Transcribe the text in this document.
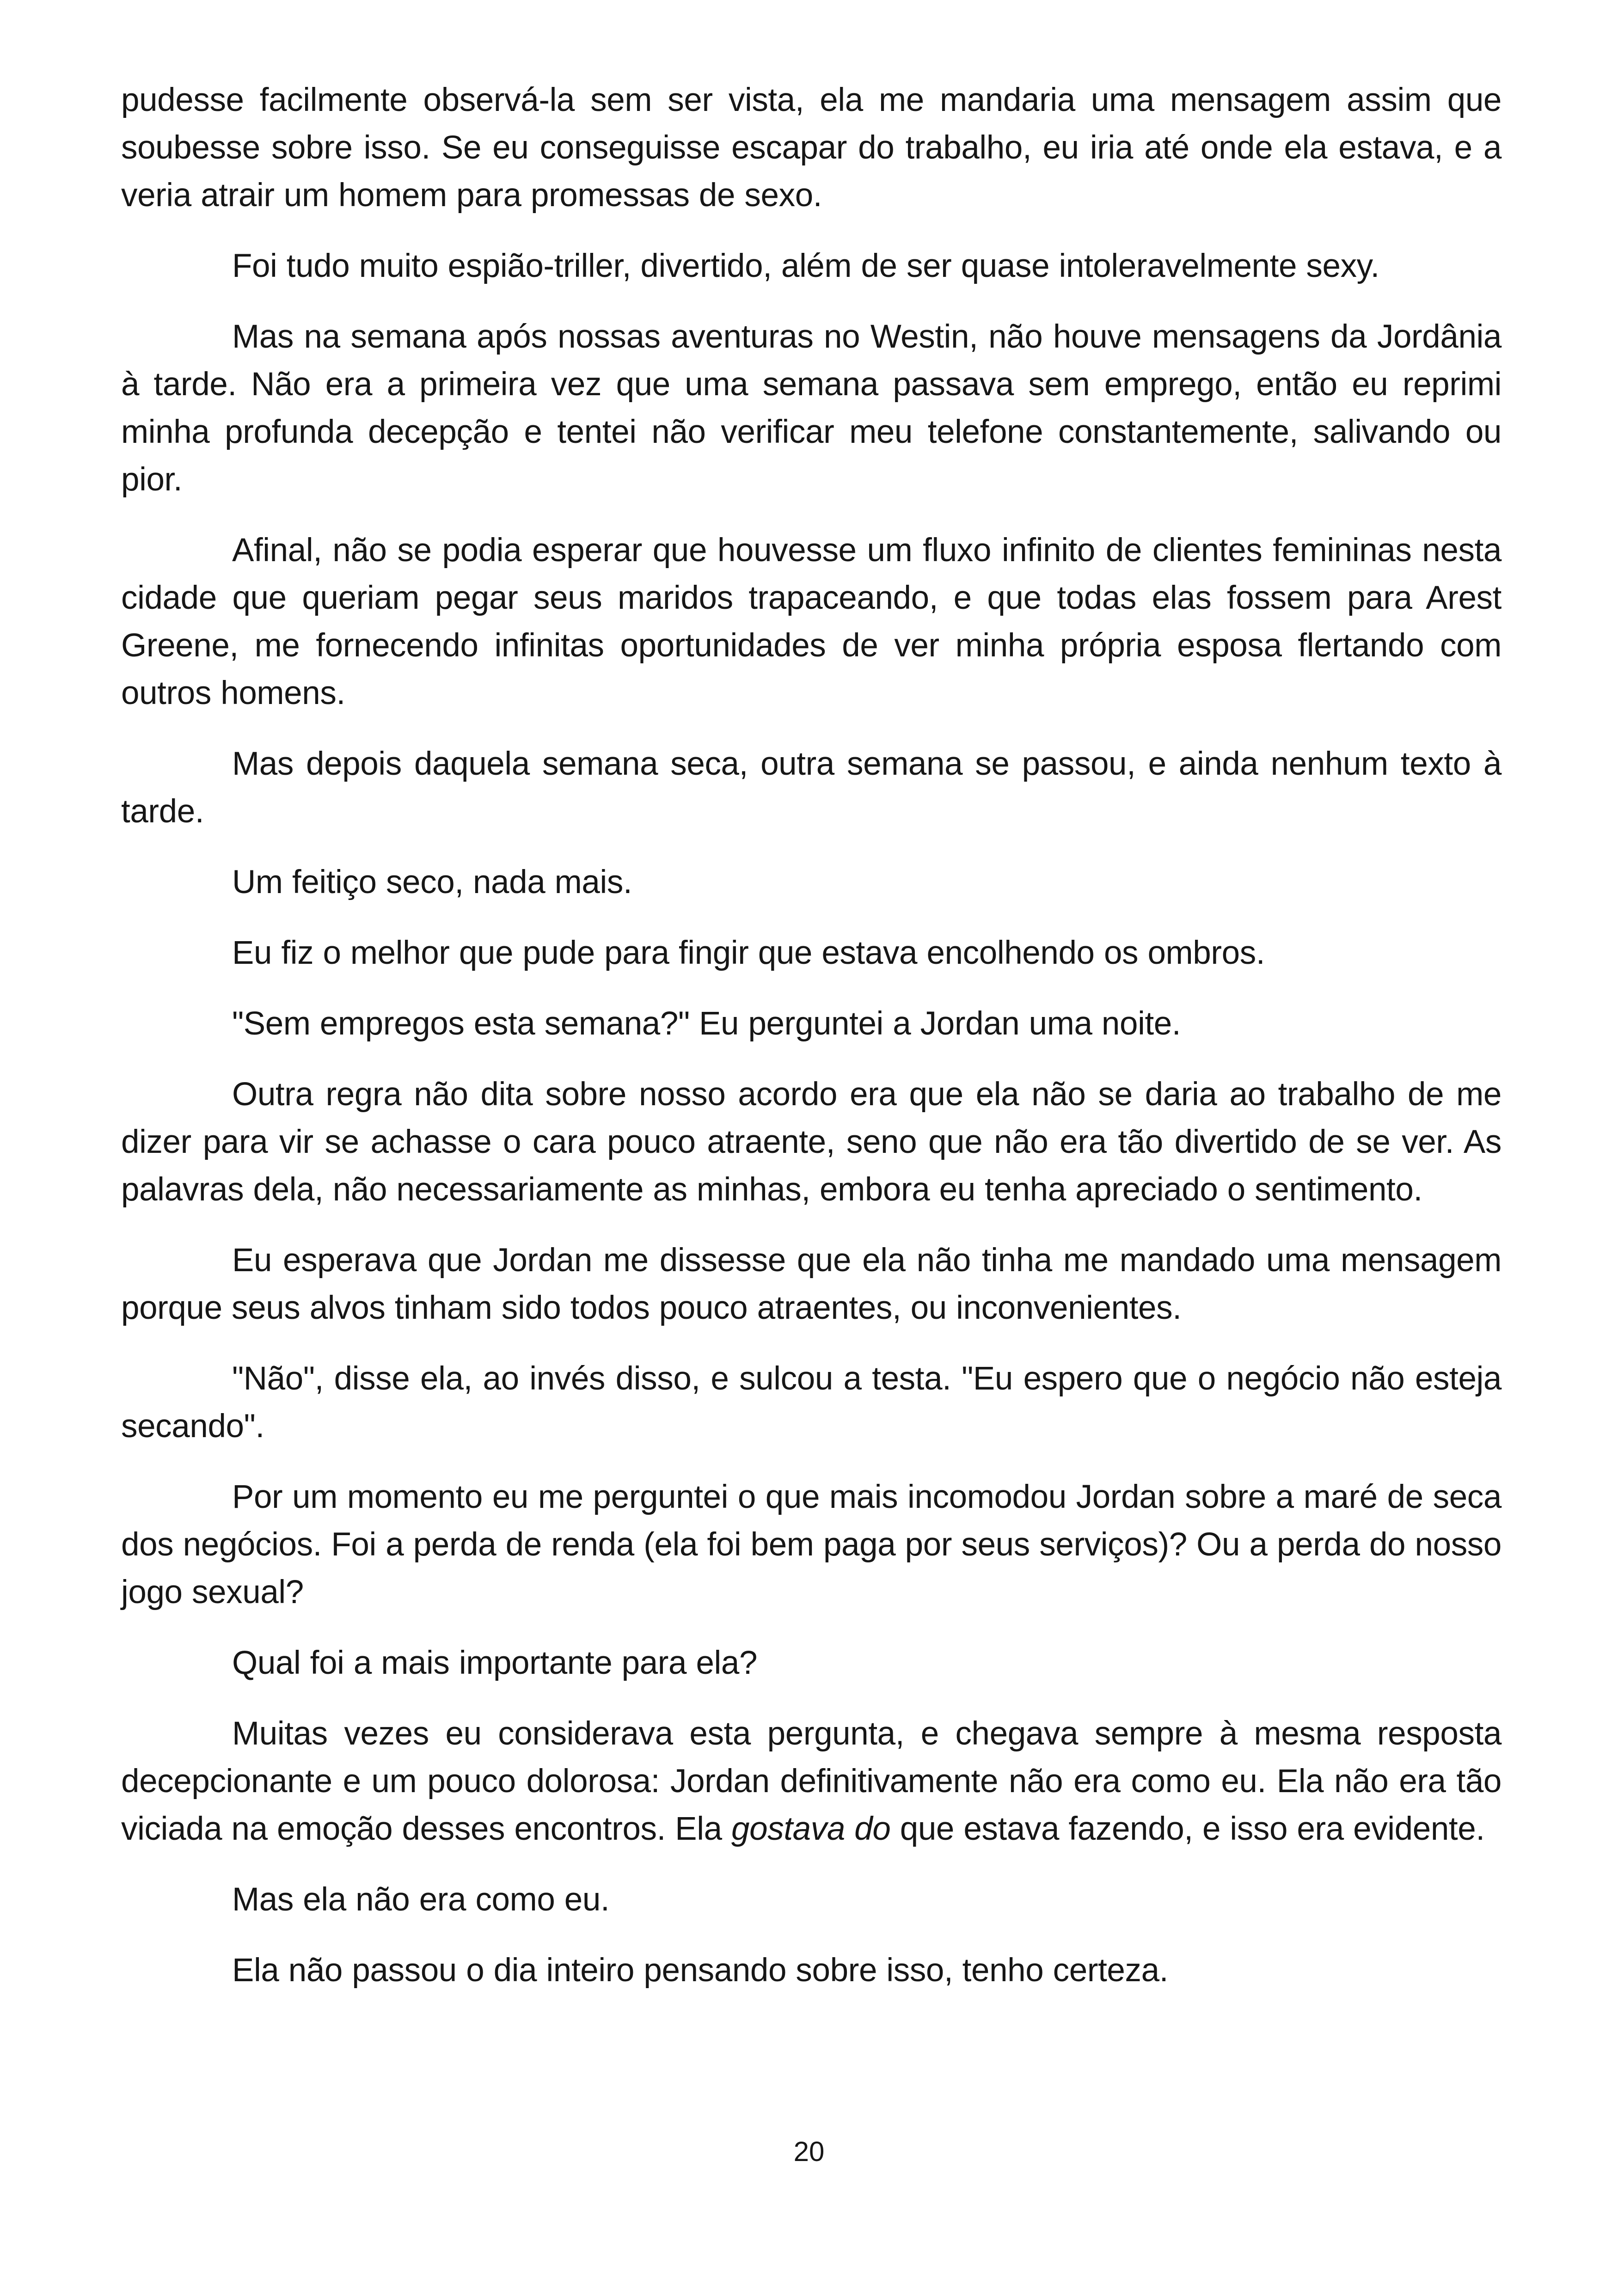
pudesse facilmente observá-la sem ser vista, ela me mandaria uma mensagem assim que soubesse sobre isso. Se eu conseguisse escapar do trabalho, eu iria até onde ela estava, e a veria atrair um homem para promessas de sexo.

Foi tudo muito espião-triller, divertido, além de ser quase intoleravelmente sexy.

Mas na semana após nossas aventuras no Westin, não houve mensagens da Jordânia à tarde. Não era a primeira vez que uma semana passava sem emprego, então eu reprimi minha profunda decepção e tentei não verificar meu telefone constantemente, salivando ou pior.

Afinal, não se podia esperar que houvesse um fluxo infinito de clientes femininas nesta cidade que queriam pegar seus maridos trapaceando, e que todas elas fossem para Arest Greene, me fornecendo infinitas oportunidades de ver minha própria esposa flertando com outros homens.

Mas depois daquela semana seca, outra semana se passou, e ainda nenhum texto à tarde.

Um feitiço seco, nada mais.

Eu fiz o melhor que pude para fingir que estava encolhendo os ombros.

"Sem empregos esta semana?" Eu perguntei a Jordan uma noite.

Outra regra não dita sobre nosso acordo era que ela não se daria ao trabalho de me dizer para vir se achasse o cara pouco atraente, seno que não era tão divertido de se ver. As palavras dela, não necessariamente as minhas, embora eu tenha apreciado o sentimento.

Eu esperava que Jordan me dissesse que ela não tinha me mandado uma mensagem porque seus alvos tinham sido todos pouco atraentes, ou inconvenientes.

"Não", disse ela, ao invés disso, e sulcou a testa. "Eu espero que o negócio não esteja secando".

Por um momento eu me perguntei o que mais incomodou Jordan sobre a maré de seca dos negócios. Foi a perda de renda (ela foi bem paga por seus serviços)? Ou a perda do nosso jogo sexual?

Qual foi a mais importante para ela?

Muitas vezes eu considerava esta pergunta, e chegava sempre à mesma resposta decepcionante e um pouco dolorosa: Jordan definitivamente não era como eu. Ela não era tão viciada na emoção desses encontros. Ela gostava do que estava fazendo, e isso era evidente.

Mas ela não era como eu.

Ela não passou o dia inteiro pensando sobre isso, tenho certeza.

20
